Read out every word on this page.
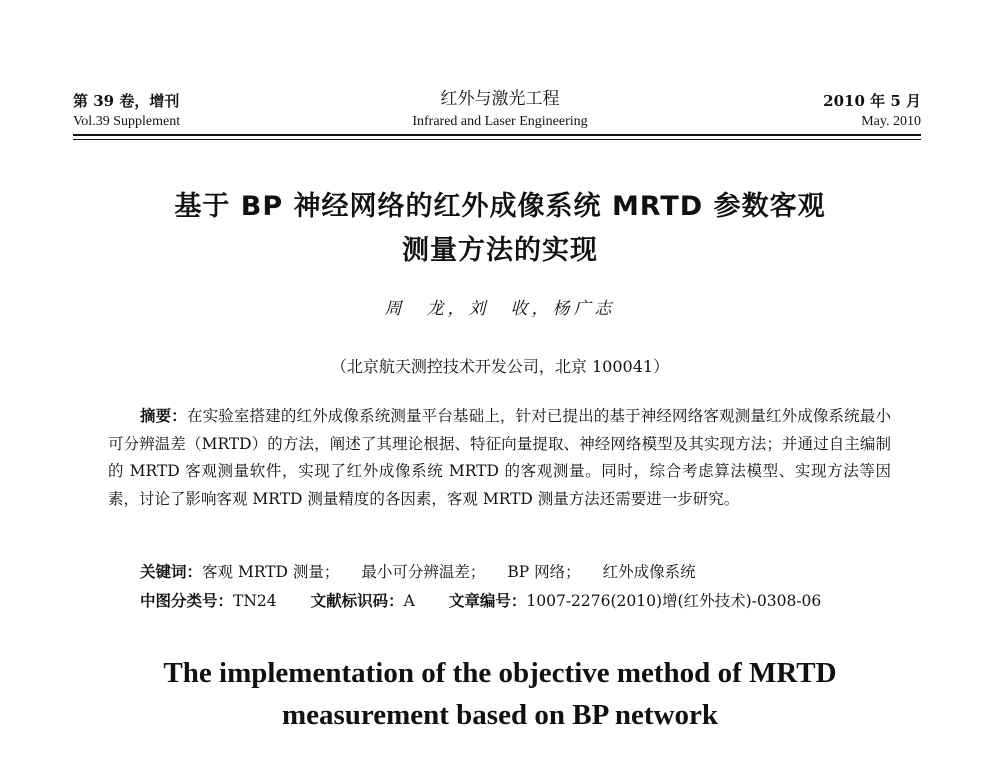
第 39 卷，增刊
Vol.39 Supplement
红外与激光工程
Infrared and Laser Engineering
2010 年 5 月
May. 2010
基于 BP 神经网络的红外成像系统 MRTD 参数客观
测量方法的实现
周　龙，刘　收，杨广志
（北京航天测控技术开发公司，北京 100041）
摘要：在实验室搭建的红外成像系统测量平台基础上，针对已提出的基于神经网络客观测量红外成像系统最小可分辨温差（MRTD）的方法，阐述了其理论根据、特征向量提取、神经网络模型及其实现方法；并通过自主编制的 MRTD 客观测量软件，实现了红外成像系统 MRTD 的客观测量。同时，综合考虑算法模型、实现方法等因素，讨论了影响客观 MRTD 测量精度的各因素，客观 MRTD 测量方法还需要进一步研究。
关键词：客观 MRTD 测量； 最小可分辨温差； BP 网络； 红外成像系统
中图分类号：TN24 文献标识码：A 文章编号：1007-2276(2010)增(红外技术)-0308-06
The implementation of the objective method of MRTD
measurement based on BP network
